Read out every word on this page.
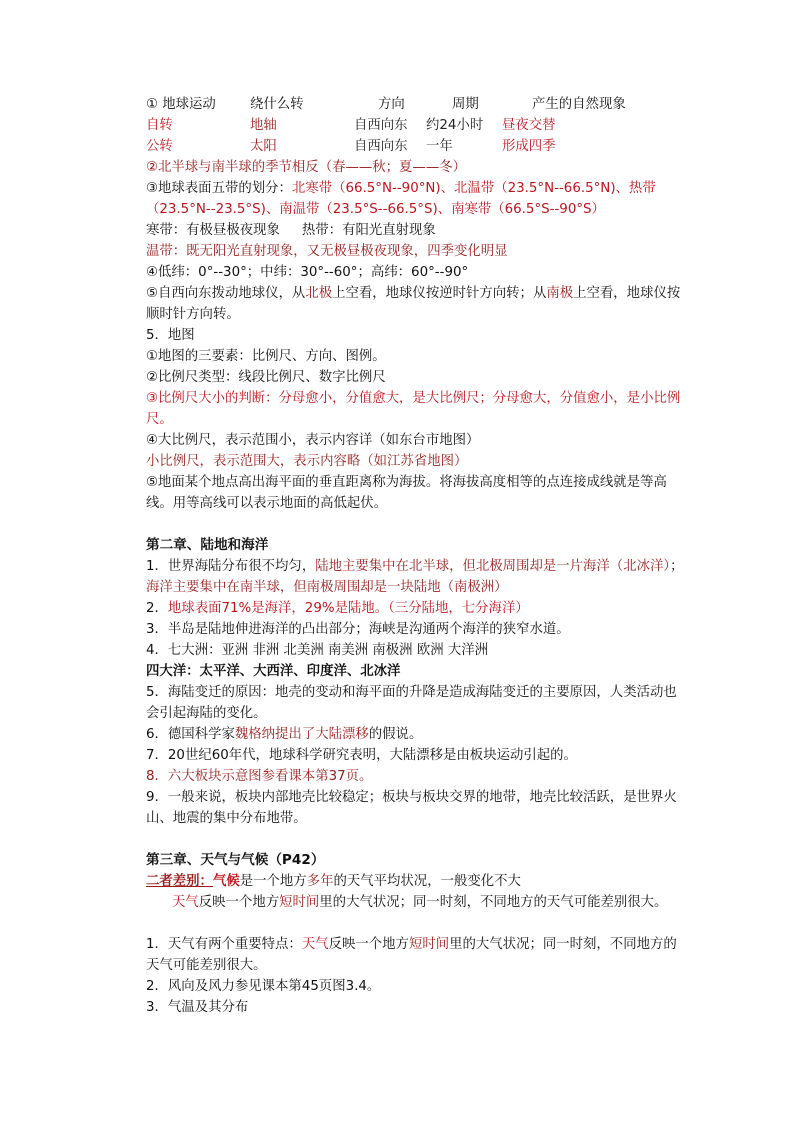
① 地球运动	绕什么转	方向	周期	产生的自然现象
自转	地轴	自西向东 约24小时 昼夜交替
公转	太阳	自西向东 一年	形成四季
②北半球与南半球的季节相反（春——秋；夏——冬）
③地球表面五带的划分：北寒带（66.5°N--90°N)、北温带（23.5°N--66.5°N)、热带（23.5°N--23.5°S)、南温带（23.5°S--66.5°S)、南寒带（66.5°S--90°S）
寒带：有极昼极夜现象 热带：有阳光直射现象
温带：既无阳光直射现象，又无极昼极夜现象，四季变化明显
④低纬：0°--30°；中纬：30°--60°；高纬：60°--90°
⑤自西向东拨动地球仪，从北极上空看，地球仪按逆时针方向转；从南极上空看，地球仪按顺时针方向转。
5．地图
①地图的三要素：比例尺、方向、图例。
②比例尺类型：线段比例尺、数字比例尺
③比例尺大小的判断：分母愈小，分值愈大，是大比例尺；分母愈大，分值愈小，是小比例尺。
④大比例尺，表示范围小，表示内容详（如东台市地图）
小比例尺，表示范围大，表示内容略（如江苏省地图）
⑤地面某个地点高出海平面的垂直距离称为海拔。将海拔高度相等的点连接成线就是等高线。用等高线可以表示地面的高低起伏。
第二章、陆地和海洋
1．世界海陆分布很不均匀，陆地主要集中在北半球，但北极周围却是一片海洋（北冰洋）；海洋主要集中在南半球，但南极周围却是一块陆地（南极洲）
2．地球表面71%是海洋，29%是陆地。（三分陆地，七分海洋）
3．半岛是陆地伸进海洋的凸出部分；海峡是沟通两个海洋的狭窄水道。
4．七大洲：亚洲 非洲 北美洲 南美洲 南极洲 欧洲 大洋洲
四大洋：太平洋、大西洋、印度洋、北冰洋
5．海陆变迁的原因：地壳的变动和海平面的升降是造成海陆变迁的主要原因，人类活动也会引起海陆的变化。
6．德国科学家魏格纳提出了大陆漂移的假说。
7．20世纪60年代，地球科学研究表明，大陆漂移是由板块运动引起的。
8．六大板块示意图参看课本第37页。
9．一般来说，板块内部地壳比较稳定；板块与板块交界的地带，地壳比较活跃，是世界火山、地震的集中分布地带。
第三章、天气与气候（P42）
二者差别：气候是一个地方多年的天气平均状况，一般变化不大
天气反映一个地方短时间里的大气状况；同一时刻，不同地方的天气可能差别很大。
1．天气有两个重要特点：天气反映一个地方短时间里的大气状况；同一时刻，不同地方的天气可能差别很大。
2．风向及风力参见课本第45页图3.4。
3．气温及其分布
